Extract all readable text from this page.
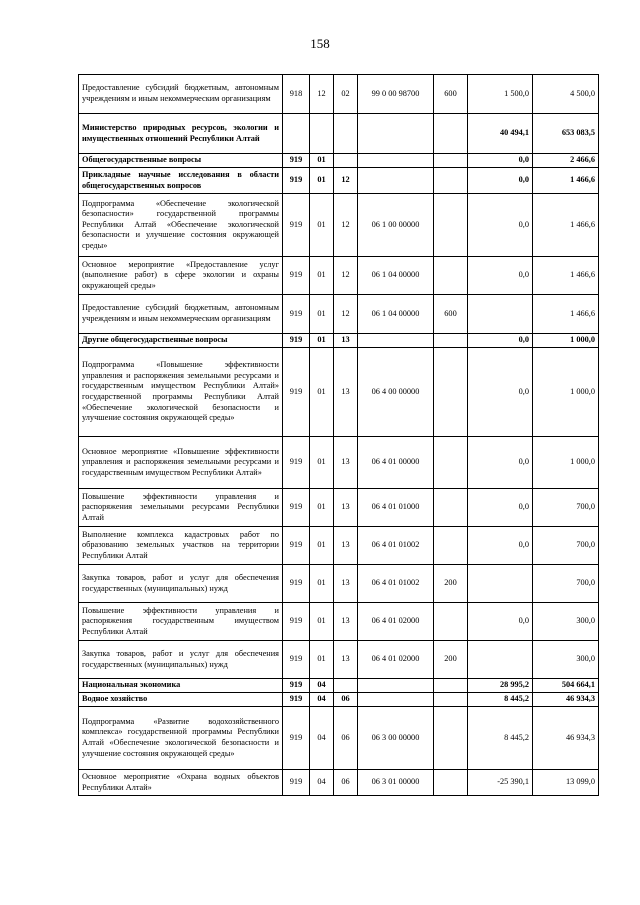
158
Предоставление субсидий бюджетным, автономным учреждениям и иным некоммерческим организациям	918	12	02	99 0 00 98700	600	1 500,0	4 500,0
Министерство природных ресурсов, экологии и имущественных отношений Республики Алтай						40 494,1	653 083,5
Общегосударственные вопросы	919	01				0,0	2 466,6
Прикладные научные исследования в области общегосударственных вопросов	919	01	12			0,0	1 466,6
Подпрограмма «Обеспечение экологической безопасности» государственной программы Республики Алтай «Обеспечение экологической безопасности и улучшение состояния окружающей среды»	919	01	12	06 1 00 00000		0,0	1 466,6
Основное мероприятие «Предоставление услуг (выполнение работ) в сфере экологии и охраны окружающей среды»	919	01	12	06 1 04 00000		0,0	1 466,6
Предоставление субсидий бюджетным, автономным учреждениям и иным некоммерческим организациям	919	01	12	06 1 04 00000	600		1 466,6
Другие общегосударственные вопросы	919	01	13			0,0	1 000,0
Подпрограмма «Повышение эффективности управления и распоряжения земельными ресурсами и государственным имуществом Республики Алтай» государственной программы Республики Алтай «Обеспечение экологической безопасности и улучшение состояния окружающей среды»	919	01	13	06 4 00 00000		0,0	1 000,0
Основное мероприятие «Повышение эффективности управления и распоряжения земельными ресурсами и государственным имуществом Республики Алтай»	919	01	13	06 4 01 00000		0,0	1 000,0
Повышение эффективности управления и распоряжения земельными ресурсами Республики Алтай	919	01	13	06 4 01 01000		0,0	700,0
Выполнение комплекса кадастровых работ по образованию земельных участков на территории Республики Алтай	919	01	13	06 4 01 01002		0,0	700,0
Закупка товаров, работ и услуг для обеспечения государственных (муниципальных) нужд	919	01	13	06 4 01 01002	200		700,0
Повышение эффективности управления и распоряжения государственным имуществом Республики Алтай	919	01	13	06 4 01 02000		0,0	300,0
Закупка товаров, работ и услуг для обеспечения государственных (муниципальных) нужд	919	01	13	06 4 01 02000	200		300,0
Национальная экономика	919	04				28 995,2	504 664,1
Водное хозяйство	919	04	06			8 445,2	46 934,3
Подпрограмма «Развитие водохозяйственного комплекса» государственной программы Республики Алтай «Обеспечение экологической безопасности и улучшение состояния окружающей среды»	919	04	06	06 3 00 00000		8 445,2	46 934,3
Основное мероприятие «Охрана водных объектов Республики Алтай»	919	04	06	06 3 01 00000		-25 390,1	13 099,0
